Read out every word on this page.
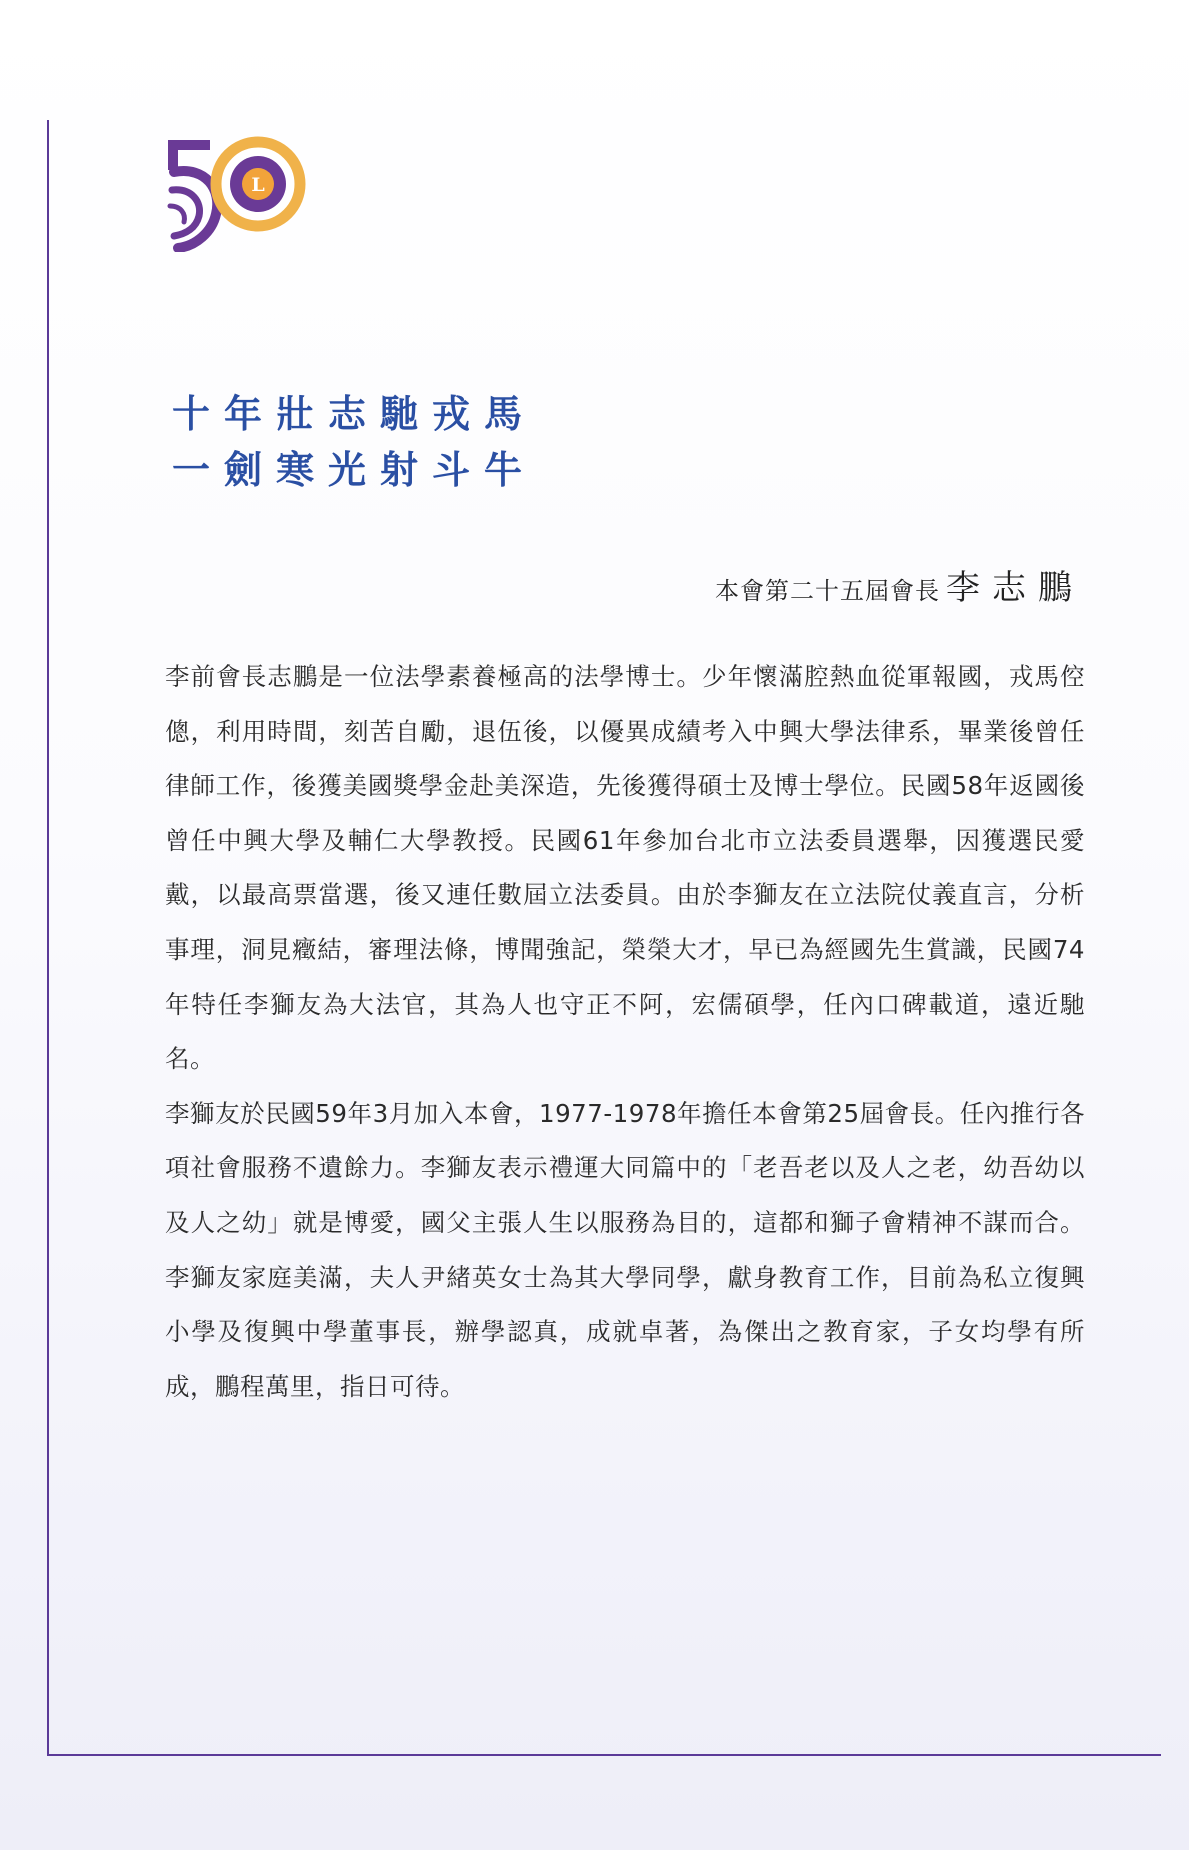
L
十年壯志馳戎馬
一劍寒光射斗牛
本會第二十五屆會長 李志鵬

李前會長志鵬是一位法學素養極高的法學博士。少年懷滿腔熱血從軍報國，戎馬倥傯，利用時間，刻苦自勵，退伍後，以優異成績考入中興大學法律系，畢業後曾任律師工作，後獲美國獎學金赴美深造，先後獲得碩士及博士學位。民國58年返國後曾任中興大學及輔仁大學教授。民國61年參加台北市立法委員選舉，因獲選民愛戴，以最高票當選，後又連任數屆立法委員。由於李獅友在立法院仗義直言，分析事理，洞見癥結，審理法條，博聞強記，榮榮大才，早已為經國先生賞識，民國74年特任李獅友為大法官，其為人也守正不阿，宏儒碩學，任內口碑載道，遠近馳名。

李獅友於民國59年3月加入本會，1977-1978年擔任本會第25屆會長。任內推行各項社會服務不遺餘力。李獅友表示禮運大同篇中的「老吾老以及人之老，幼吾幼以及人之幼」就是博愛，國父主張人生以服務為目的，這都和獅子會精神不謀而合。李獅友家庭美滿，夫人尹緒英女士為其大學同學，獻身教育工作，目前為私立復興小學及復興中學董事長，辦學認真，成就卓著，為傑出之教育家，子女均學有所成，鵬程萬里，指日可待。
